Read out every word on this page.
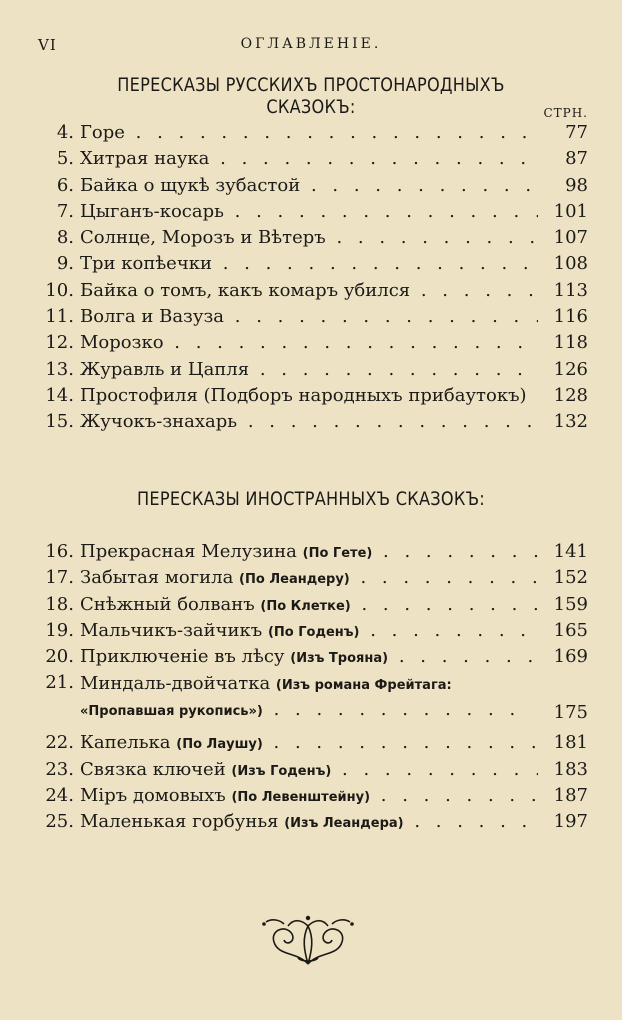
VI	ОГЛАВЛЕНІЕ.
ПЕРЕСКАЗЫ РУССКИХЪ ПРОСТОНАРОДНЫХЪ СКАЗОКЪ:	СТРН.
4. Горе . . .	77
5. Хитрая наука . . .	87
6. Байка о щукѣ зубастой . . .	98
7. Цыганъ-косарь . . .	101
8. Солнце, Морозъ и Вѣтеръ . . .	107
9. Три копѣечки . . .	108
10. Байка о томъ, какъ комаръ убился . . .	113
11. Волга и Вазуза . . .	116
12. Морозко . . .	118
13. Журавль и Цапля . . .	126
14. Простофиля (Подборъ народныхъ прибаутокъ) . . .	128
15. Жучокъ-знахарь . . .	132
ПЕРЕСКАЗЫ ИНОСТРАННЫХЪ СКАЗОКЪ:
16. Прекрасная Мелузина (По Гете) . . .	141
17. Забытая могила (По Леандеру) . . .	152
18. Снѣжный болванъ (По Клетке) . . .	159
19. Мальчикъ-зайчикъ (По Годенъ) . . .	165
20. Приключеніе въ лѣсу (Изъ Трояна) . . .	169
21. Миндаль-двойчатка (Изъ романа Фрейтага: «Пропавшая рукопись») . . . . . . . . . . . .	175
22. Капелька (По Лаушу) . . .	181
23. Связка ключей (Изъ Годенъ) . . .	183
24. Міръ домовыхъ (По Левенштейну) . . .	187
25. Маленькая горбунья (Изъ Леандера) . . .	197
